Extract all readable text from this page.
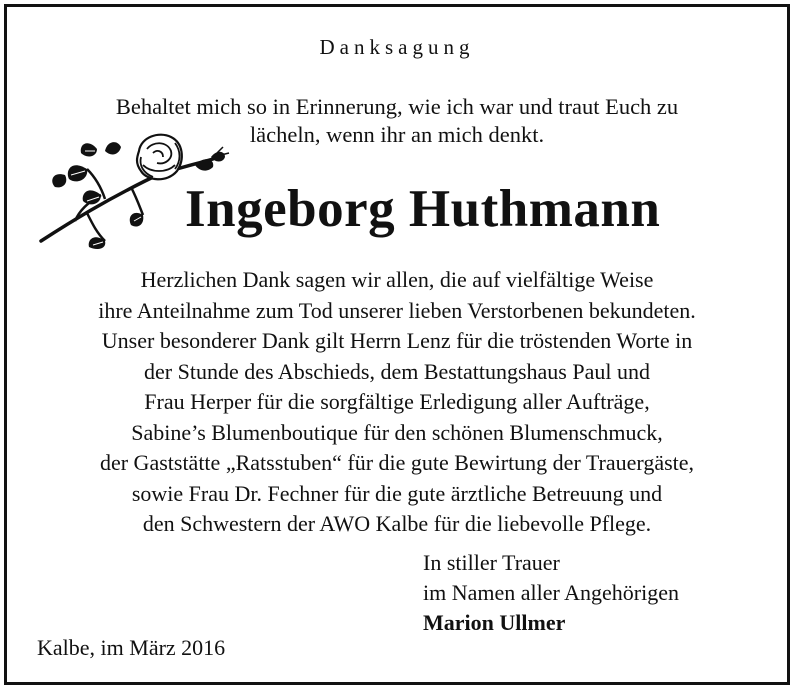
Danksagung
Behaltet mich so in Erinnerung, wie ich war und traut Euch zu
lächeln, wenn ihr an mich denkt.
Ingeborg Huthmann
Herzlichen Dank sagen wir allen, die auf vielfältige Weise
ihre Anteilnahme zum Tod unserer lieben Verstorbenen bekundeten.
Unser besonderer Dank gilt Herrn Lenz für die tröstenden Worte in
der Stunde des Abschieds, dem Bestattungshaus Paul und
Frau Herper für die sorgfältige Erledigung aller Aufträge,
Sabine’s Blumenboutique für den schönen Blumenschmuck,
der Gaststätte „Ratsstuben“ für die gute Bewirtung der Trauergäste,
sowie Frau Dr. Fechner für die gute ärztliche Betreuung und
den Schwestern der AWO Kalbe für die liebevolle Pflege.
In stiller Trauer
im Namen aller Angehörigen
Marion Ullmer
Kalbe, im März 2016
